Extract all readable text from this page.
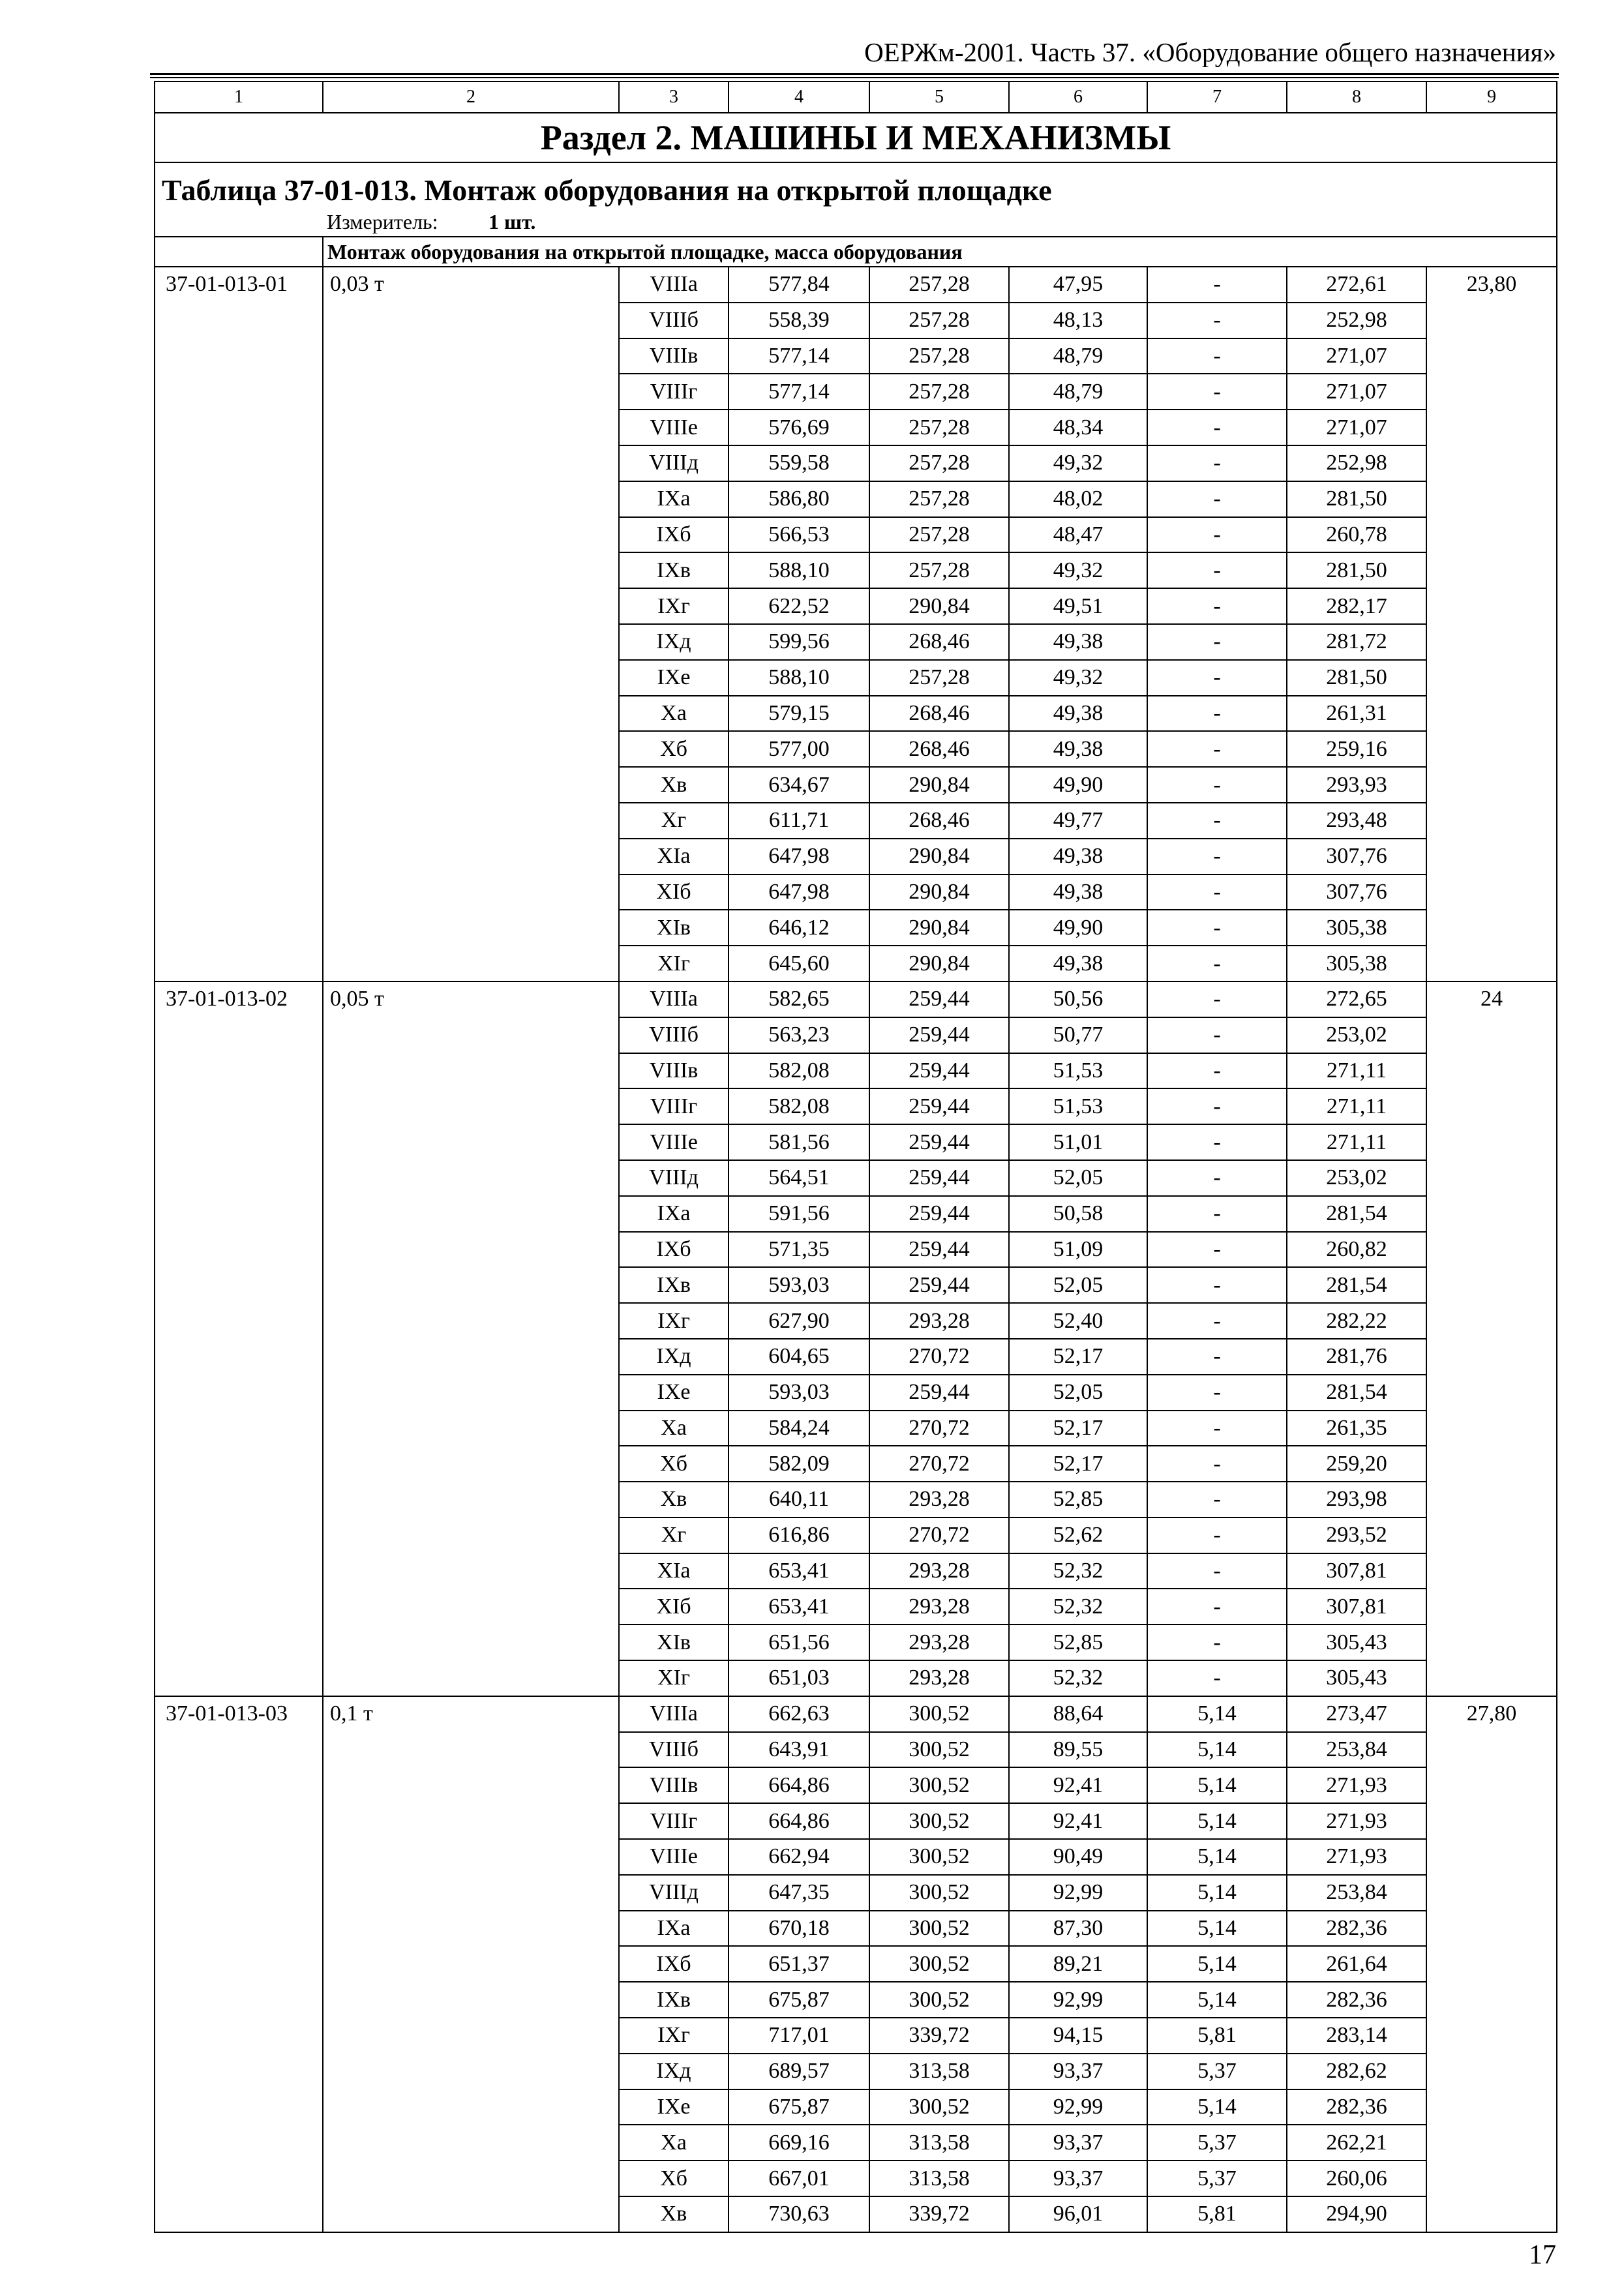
ОЕРЖм-2001. Часть 37. «Оборудование общего назначения»
1	2	3	4	5	6	7	8	9
Раздел 2. МАШИНЫ И МЕХАНИЗМЫ								
Таблица 37-01-013. Монтаж оборудования на открытой площадке								
	Измеритель: 1 шт.							
	Монтаж оборудования на открытой площадке, масса оборудования							
37-01-013-01	0,03 т	VIIIа	577,84	257,28	47,95	-	272,61	23,80
		VIIIб	558,39	257,28	48,13	-	252,98	
		VIIIв	577,14	257,28	48,79	-	271,07	
		VIIIг	577,14	257,28	48,79	-	271,07	
		VIIIе	576,69	257,28	48,34	-	271,07	
		VIIIд	559,58	257,28	49,32	-	252,98	
		IXа	586,80	257,28	48,02	-	281,50	
		IXб	566,53	257,28	48,47	-	260,78	
		IXв	588,10	257,28	49,32	-	281,50	
		IXг	622,52	290,84	49,51	-	282,17	
		IXд	599,56	268,46	49,38	-	281,72	
		IXе	588,10	257,28	49,32	-	281,50	
		Xа	579,15	268,46	49,38	-	261,31	
		Xб	577,00	268,46	49,38	-	259,16	
		Xв	634,67	290,84	49,90	-	293,93	
		Xг	611,71	268,46	49,77	-	293,48	
		XIа	647,98	290,84	49,38	-	307,76	
		XIб	647,98	290,84	49,38	-	307,76	
		XIв	646,12	290,84	49,90	-	305,38	
		XIг	645,60	290,84	49,38	-	305,38	
37-01-013-02	0,05 т	VIIIа	582,65	259,44	50,56	-	272,65	24
		VIIIб	563,23	259,44	50,77	-	253,02	
		VIIIв	582,08	259,44	51,53	-	271,11	
		VIIIг	582,08	259,44	51,53	-	271,11	
		VIIIе	581,56	259,44	51,01	-	271,11	
		VIIIд	564,51	259,44	52,05	-	253,02	
		IXа	591,56	259,44	50,58	-	281,54	
		IXб	571,35	259,44	51,09	-	260,82	
		IXв	593,03	259,44	52,05	-	281,54	
		IXг	627,90	293,28	52,40	-	282,22	
		IXд	604,65	270,72	52,17	-	281,76	
		IXе	593,03	259,44	52,05	-	281,54	
		Xа	584,24	270,72	52,17	-	261,35	
		Xб	582,09	270,72	52,17	-	259,20	
		Xв	640,11	293,28	52,85	-	293,98	
		Xг	616,86	270,72	52,62	-	293,52	
		XIа	653,41	293,28	52,32	-	307,81	
		XIб	653,41	293,28	52,32	-	307,81	
		XIв	651,56	293,28	52,85	-	305,43	
		XIг	651,03	293,28	52,32	-	305,43	
37-01-013-03	0,1 т	VIIIа	662,63	300,52	88,64	5,14	273,47	27,80
		VIIIб	643,91	300,52	89,55	5,14	253,84	
		VIIIв	664,86	300,52	92,41	5,14	271,93	
		VIIIг	664,86	300,52	92,41	5,14	271,93	
		VIIIе	662,94	300,52	90,49	5,14	271,93	
		VIIIд	647,35	300,52	92,99	5,14	253,84	
		IXа	670,18	300,52	87,30	5,14	282,36	
		IXб	651,37	300,52	89,21	5,14	261,64	
		IXв	675,87	300,52	92,99	5,14	282,36	
		IXг	717,01	339,72	94,15	5,81	283,14	
		IXд	689,57	313,58	93,37	5,37	282,62	
		IXе	675,87	300,52	92,99	5,14	282,36	
		Xа	669,16	313,58	93,37	5,37	262,21	
		Xб	667,01	313,58	93,37	5,37	260,06	
		Xв	730,63	339,72	96,01	5,81	294,90	
17
